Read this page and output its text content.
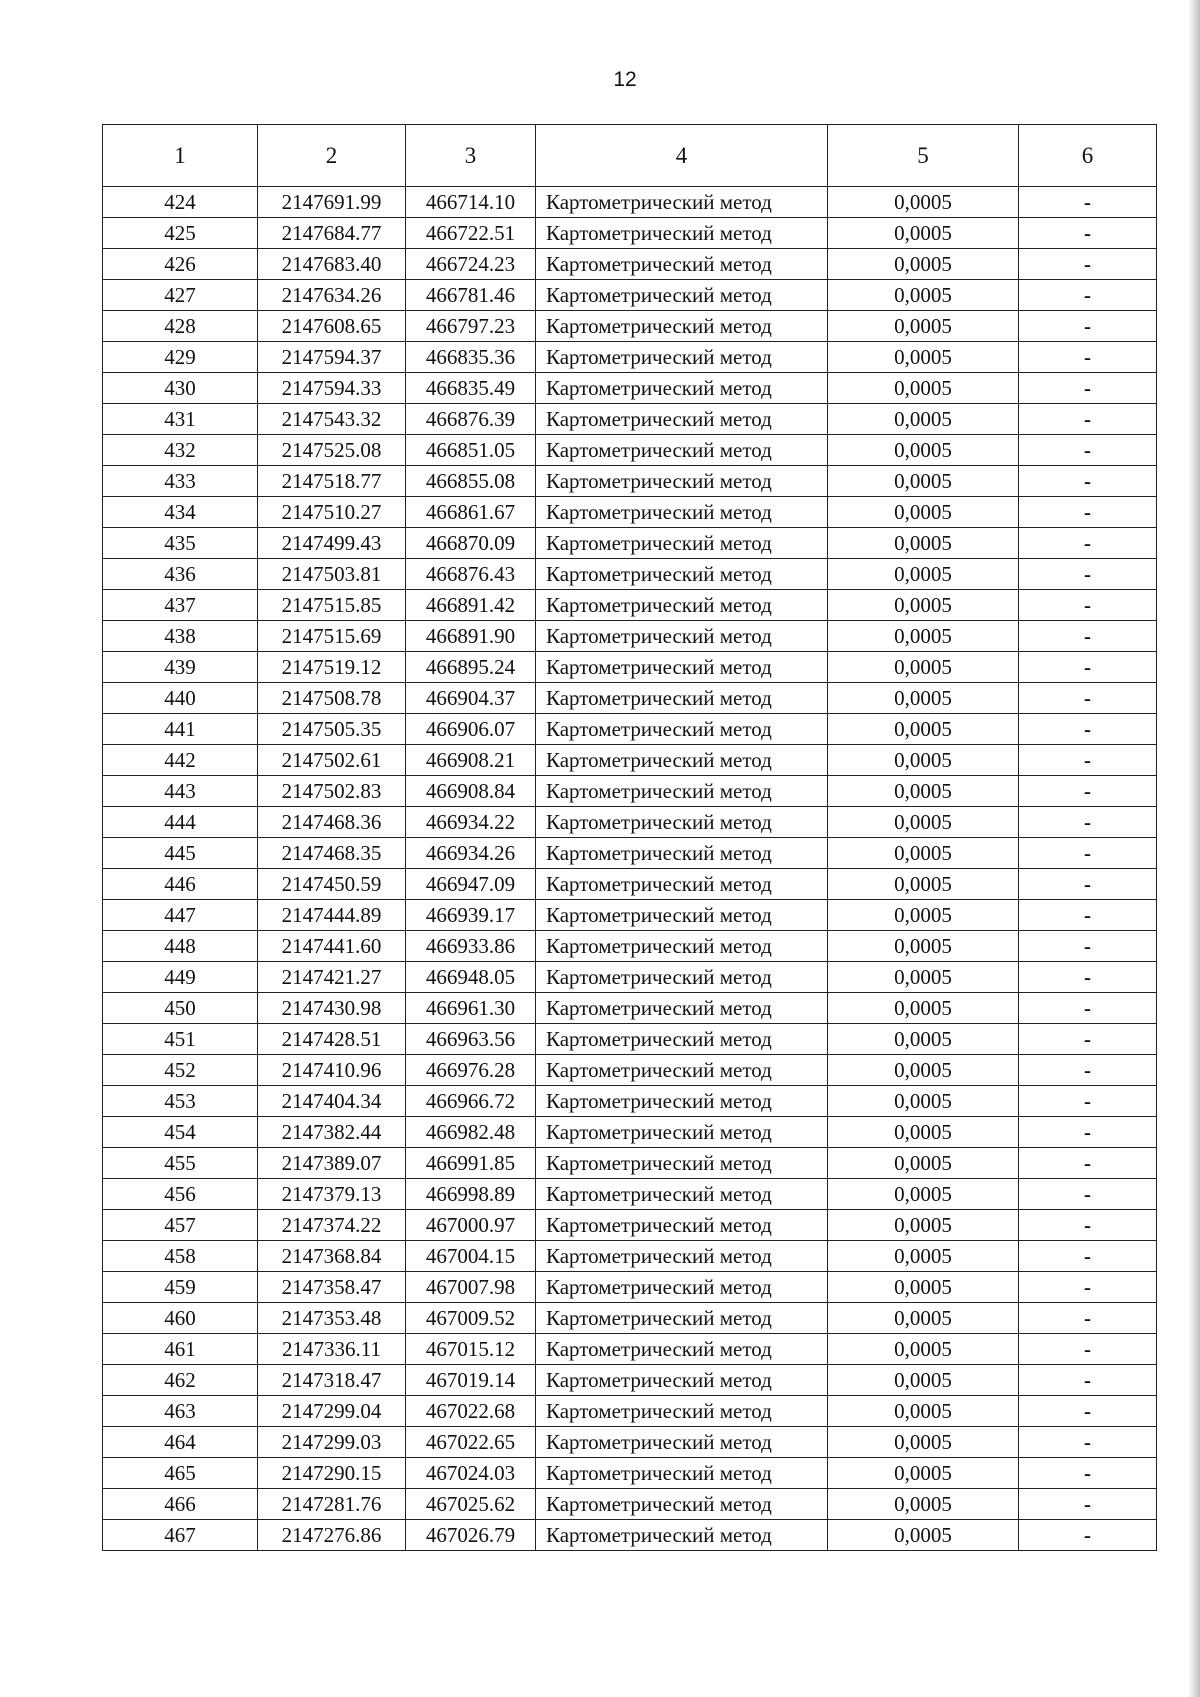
12
1	2	3	4	5	6
424	2147691.99	466714.10	Картометрический метод	0,0005	-
425	2147684.77	466722.51	Картометрический метод	0,0005	-
426	2147683.40	466724.23	Картометрический метод	0,0005	-
427	2147634.26	466781.46	Картометрический метод	0,0005	-
428	2147608.65	466797.23	Картометрический метод	0,0005	-
429	2147594.37	466835.36	Картометрический метод	0,0005	-
430	2147594.33	466835.49	Картометрический метод	0,0005	-
431	2147543.32	466876.39	Картометрический метод	0,0005	-
432	2147525.08	466851.05	Картометрический метод	0,0005	-
433	2147518.77	466855.08	Картометрический метод	0,0005	-
434	2147510.27	466861.67	Картометрический метод	0,0005	-
435	2147499.43	466870.09	Картометрический метод	0,0005	-
436	2147503.81	466876.43	Картометрический метод	0,0005	-
437	2147515.85	466891.42	Картометрический метод	0,0005	-
438	2147515.69	466891.90	Картометрический метод	0,0005	-
439	2147519.12	466895.24	Картометрический метод	0,0005	-
440	2147508.78	466904.37	Картометрический метод	0,0005	-
441	2147505.35	466906.07	Картометрический метод	0,0005	-
442	2147502.61	466908.21	Картометрический метод	0,0005	-
443	2147502.83	466908.84	Картометрический метод	0,0005	-
444	2147468.36	466934.22	Картометрический метод	0,0005	-
445	2147468.35	466934.26	Картометрический метод	0,0005	-
446	2147450.59	466947.09	Картометрический метод	0,0005	-
447	2147444.89	466939.17	Картометрический метод	0,0005	-
448	2147441.60	466933.86	Картометрический метод	0,0005	-
449	2147421.27	466948.05	Картометрический метод	0,0005	-
450	2147430.98	466961.30	Картометрический метод	0,0005	-
451	2147428.51	466963.56	Картометрический метод	0,0005	-
452	2147410.96	466976.28	Картометрический метод	0,0005	-
453	2147404.34	466966.72	Картометрический метод	0,0005	-
454	2147382.44	466982.48	Картометрический метод	0,0005	-
455	2147389.07	466991.85	Картометрический метод	0,0005	-
456	2147379.13	466998.89	Картометрический метод	0,0005	-
457	2147374.22	467000.97	Картометрический метод	0,0005	-
458	2147368.84	467004.15	Картометрический метод	0,0005	-
459	2147358.47	467007.98	Картометрический метод	0,0005	-
460	2147353.48	467009.52	Картометрический метод	0,0005	-
461	2147336.11	467015.12	Картометрический метод	0,0005	-
462	2147318.47	467019.14	Картометрический метод	0,0005	-
463	2147299.04	467022.68	Картометрический метод	0,0005	-
464	2147299.03	467022.65	Картометрический метод	0,0005	-
465	2147290.15	467024.03	Картометрический метод	0,0005	-
466	2147281.76	467025.62	Картометрический метод	0,0005	-
467	2147276.86	467026.79	Картометрический метод	0,0005	-
